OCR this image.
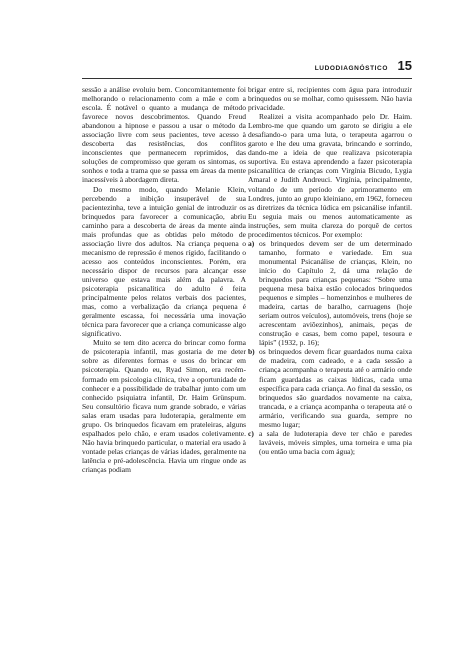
LUDODIAGNÓSTICO 15

sessão a análise evoluiu bem. Concomitantemente foi melhorando o relacionamento com a mãe e com a escola. É notável o quanto a mudança de método favorece novos descobrimentos. Quando Freud abandonou a hipnose e passou a usar o método da associação livre com seus pacientes, teve acesso à descoberta das resistências, dos conflitos inconscientes que permanecem reprimidos, das soluções de compromisso que geram os sintomas, os sonhos e toda a trama que se passa em áreas da mente inacessíveis à abordagem direta.

Do mesmo modo, quando Melanie Klein, percebendo a inibição insuperável de sua pacientezinha, teve a intuição genial de introduzir os brinquedos para favorecer a comunicação, abriu caminho para a descoberta de áreas da mente ainda mais profundas que as obtidas pelo método de associação livre dos adultos. Na criança pequena o mecanismo de repressão é menos rígido, facilitando o acesso aos conteúdos inconscientes. Porém, era necessário dispor de recursos para alcançar esse universo que estava mais além da palavra. A psicoterapia psicanalítica do adulto é feita principalmente pelos relatos verbais dos pacientes, mas, como a verbalização da criança pequena é geralmente escassa, foi necessária uma inovação técnica para favorecer que a criança comunicasse algo significativo.

Muito se tem dito acerca do brincar como forma de psicoterapia infantil, mas gostaria de me deter sobre as diferentes formas e usos do brincar em psicoterapia. Quando eu, Ryad Simon, era recém-formado em psicologia clínica, tive a oportunidade de conhecer e a possibilidade de trabalhar junto com um conhecido psiquiatra infantil, Dr. Haim Grünspum. Seu consultório ficava num grande sobrado, e várias salas eram usadas para ludoterapia, geralmente em grupo. Os brinquedos ficavam em prateleiras, alguns espalhados pelo chão, e eram usados coletivamente. Não havia brinquedo particular, o material era usado à vontade pelas crianças de várias idades, geralmente na latência e pré-adolescência. Havia um ringue onde as crianças podiam

brigar entre si, recipientes com água para introduzir brinquedos ou se molhar, como quisessem. Não havia privacidade.

Realizei a visita acompanhado pelo Dr. Haim. Lembro-me que quando um garoto se dirigiu a ele desafiando-o para uma luta, o terapeuta agarrou o garoto e lhe deu uma gravata, brincando e sorrindo, dando-me a ideia de que realizava psicoterapia suportiva. Eu estava aprendendo a fazer psicoterapia psicanalítica de crianças com Virgínia Bicudo, Lygia Amaral e Judith Andreuci. Virgínia, principalmente, voltando de um período de aprimoramento em Londres, junto ao grupo kleiniano, em 1962, forneceu as diretrizes da técnica lúdica em psicanálise infantil. Eu seguia mais ou menos automaticamente as instruções, sem muita clareza do porquê de certos procedimentos técnicos. Por exemplo:

a) os brinquedos devem ser de um determinado tamanho, formato e variedade. Em sua monumental Psicanálise de crianças, Klein, no início do Capítulo 2, dá uma relação de brinquedos para crianças pequenas: “Sobre uma pequena mesa baixa estão colocados brinquedos pequenos e simples – homenzinhos e mulheres de madeira, cartas de baralho, carruagens (hoje seriam outros veículos), automóveis, trens (hoje se acrescentam aviõezinhos), animais, peças de construção e casas, bem como papel, tesoura e lápis” (1932, p. 16);
b) os brinquedos devem ficar guardados numa caixa de madeira, com cadeado, e a cada sessão a criança acompanha o terapeuta até o armário onde ficam guardadas as caixas lúdicas, cada uma específica para cada criança. Ao final da sessão, os brinquedos são guardados novamente na caixa, trancada, e a criança acompanha o terapeuta até o armário, verificando sua guarda, sempre no mesmo lugar;
c) a sala de ludoterapia deve ter chão e paredes laváveis, móveis simples, uma torneira e uma pia (ou então uma bacia com água);
